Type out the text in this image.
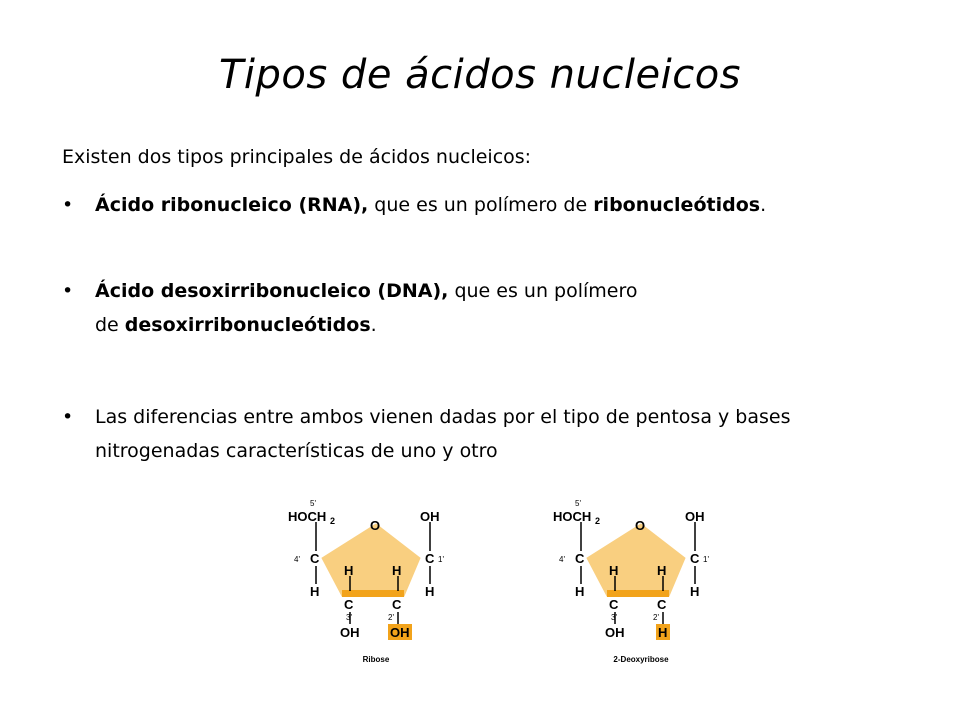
Tipos de ácidos nucleicos

Existen dos tipos principales de ácidos nucleicos:

•	Ácido ribonucleico (RNA), que es un polímero de ribonucleótidos.
•	Ácido desoxirribonucleico (DNA), que es un polímero
de desoxirribonucleótidos.
•	Las diferencias entre ambos vienen dadas por el tipo de pentosa y bases
nitrogenadas características de uno y otro
5'
HOCH 2	O
OH
4' C	C 1'
H	H
H	H
C
3'
C
2'
OH OH
Ribose
5'
HOCH 2	O
OH
4' C	C 1'
H	H
H	H
C
3'
C
2'
OH	H
2-Deoxyribose
